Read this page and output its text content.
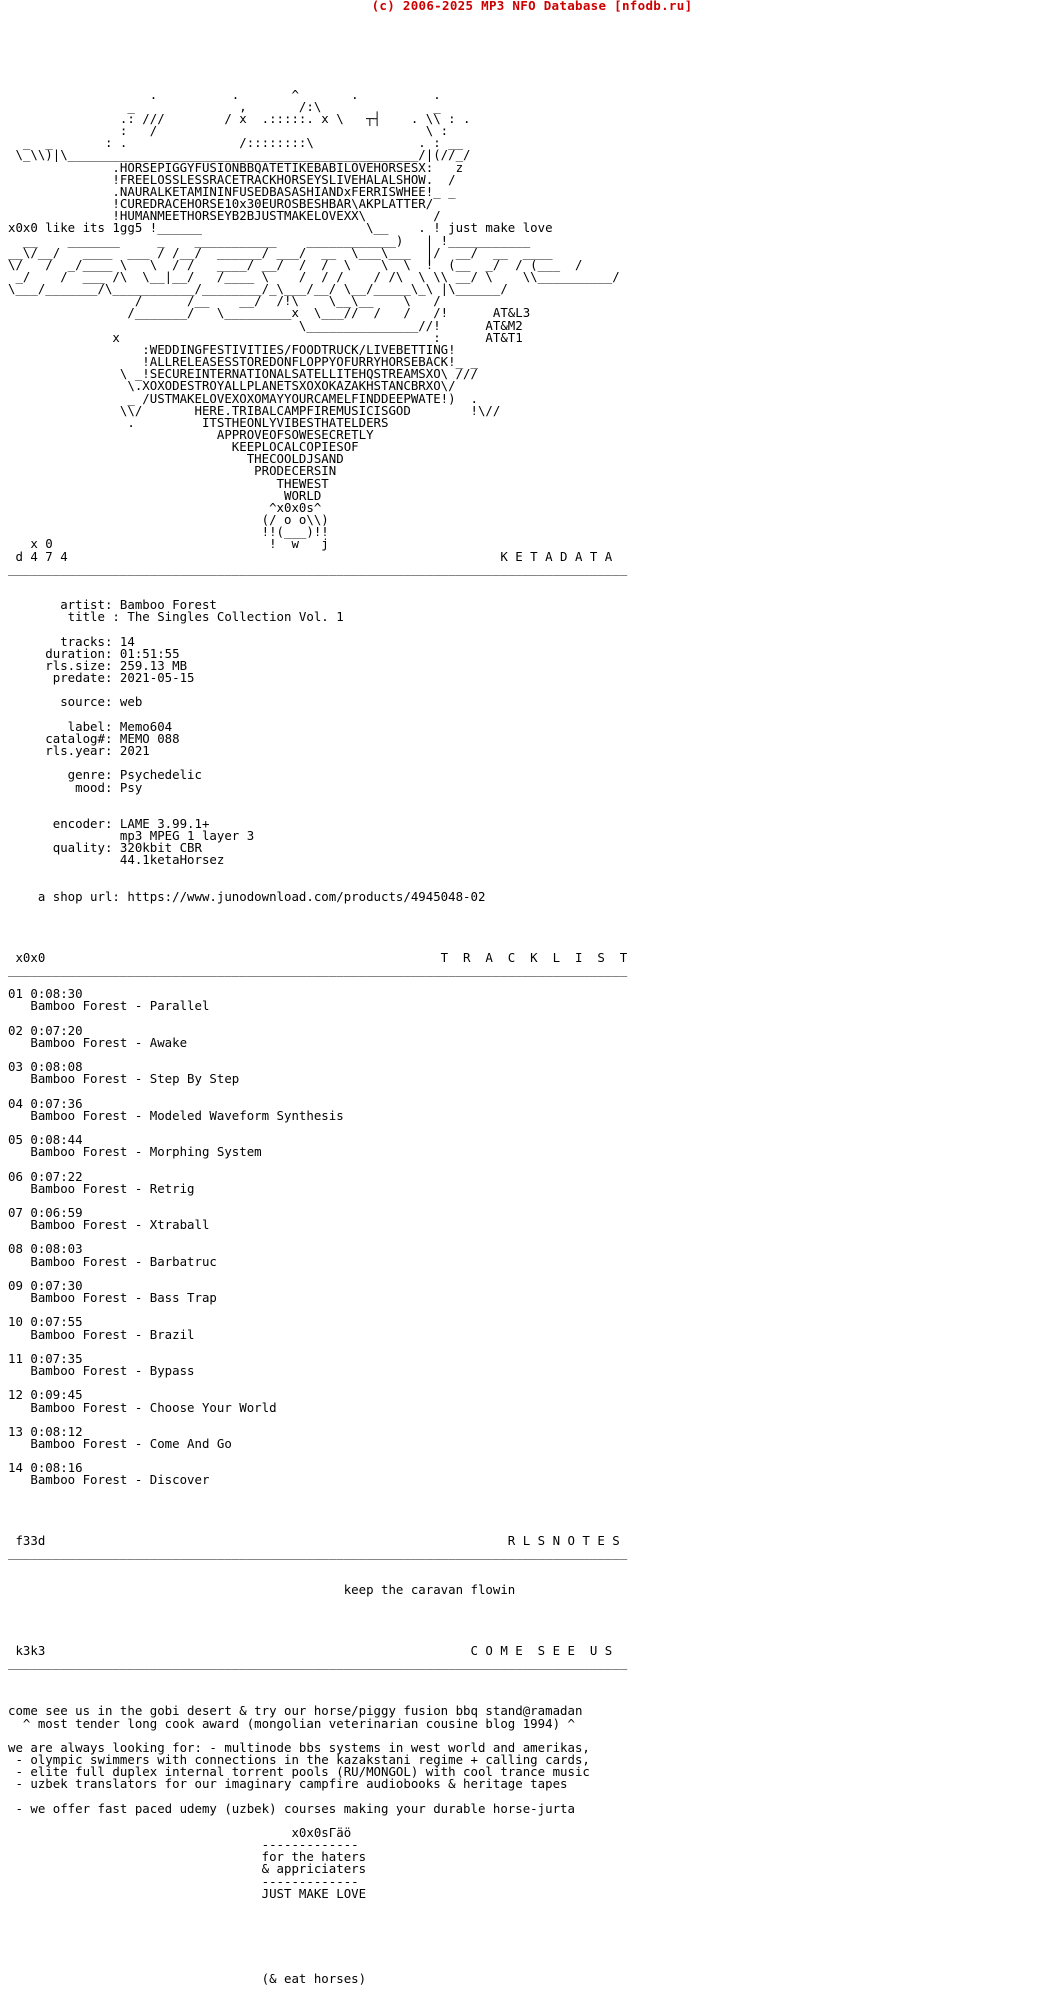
(c) 2006-2025 MP3 NFO Database [nfodb.ru]

.          .       ^       .          .
_              ,       /:\               _
.: ///        / x  .:::::. x \   ┬┤    . \\ : .
:   /                                    \ :
_  _       : .               /::::::::\              . : __
\_\\)|\_______________________________________________/|(//_/
.HORSEPIGGYFUSIONBBQATETIKEBABILOVEHORSESX:   z
!FREELOSSLESSRACETRACKHORSEYSLIVEHALALSHOW.  /
.NAURALKETAMININFUSEDBASASHIANDxFERRISWHEE!_ _
!CUREDRACEHORSE10x30EUROSBESHBAR\AKPLATTER/
!HUMANMEETHORSEYB2BJUSTMAKELOVEXX\         /
x0x0 like its 1gg5 !______                      \__    . ! just make love
__    _______     _    ___________    ____________)   | !___________
__\/__/   ____  ___ / /__/  ______/ ___/  __  \___\___  |/  __/  __  ____
\/   /  _/____ \   \  / /   ____/ __/  /  /  \    \  \  !  (__  _/  / (___  /
_/    /  ___ /\  \__|__/   /____ \    /  / /    / /\  \ \\ __/ \    \\__________/
\___/_______/\___________/________/_\___/__/ \__/_____\_\ |\______/
/      /__    __/  /!\    \__\__    \   /
/_______/   \_________x  \___//  /   /   /!      AT&L3
\_______________//!      AT&M2
x                                          :      AT&T1
:WEDDINGFESTIVITIES/FOODTRUCK/LIVEBETTING!
!ALLRELEASESSTOREDONFLOPPYOFURRYHORSEBACK!_ _
\ _!SECUREINTERNATIONALSATELLITEHQSTREAMSXO\ ///
\.XOXODESTROYALLPLANETSXOXOKAZAKHSTANCBRXO\/
_ /USTMAKELOVEXOXOMAYYOURCAMELFINDDEEPWATE!)  .
\\/       HERE.TRIBALCAMPFIREMUSICISGOD        !\//
.         ITSTHEONLYVIBESTHATELDERS
APPROVEOFSOWESECRETLY
KEEPLOCALCOPIESOF
THECOOLDJSAND
PRODECERSIN
THEWEST
WORLD
^x0x0s^
(/ o o\\)
!!(___)!!
x 0                             !  w   j
d 4 7 4                                                          K E T A D A T A
___________________________________________________________________________________

artist: Bamboo Forest
title : The Singles Collection Vol. 1

tracks: 14
duration: 01:51:55
rls.size: 259.13 MB
predate: 2021-05-15

source: web

label: Memo604
catalog#: MEMO 088
rls.year: 2021

genre: Psychedelic
mood: Psy

encoder: LAME 3.99.1+
mp3 MPEG 1 layer 3
quality: 320kbit CBR
44.1ketaHorsez

a shop url: https://www.junodownload.com/products/4945048-02

x0x0                                                     T  R  A  C  K  L  I  S  T
___________________________________________________________________________________

01 0:08:30
Bamboo Forest - Parallel

02 0:07:20
Bamboo Forest - Awake

03 0:08:08
Bamboo Forest - Step By Step

04 0:07:36
Bamboo Forest - Modeled Waveform Synthesis

05 0:08:44
Bamboo Forest - Morphing System

06 0:07:22
Bamboo Forest - Retrig

07 0:06:59
Bamboo Forest - Xtraball

08 0:08:03
Bamboo Forest - Barbatruc

09 0:07:30
Bamboo Forest - Bass Trap

10 0:07:55
Bamboo Forest - Brazil

11 0:07:35
Bamboo Forest - Bypass

12 0:09:45
Bamboo Forest - Choose Your World

13 0:08:12
Bamboo Forest - Come And Go

14 0:08:16
Bamboo Forest - Discover

f33d                                                              R L S N O T E S
___________________________________________________________________________________

keep the caravan flowin

k3k3                                                         C O M E  S E E  U S
___________________________________________________________________________________

come see us in the gobi desert & try our horse/piggy fusion bbq stand@ramadan
^ most tender long cook award (mongolian veterinarian cousine blog 1994) ^

we are always looking for: - multinode bbs systems in west world and amerikas,
- olympic swimmers with connections in the kazakstani regime + calling cards,
- elite full duplex internal torrent pools (RU/MONGOL) with cool trance music
- uzbek translators for our imaginary campfire audiobooks & heritage tapes

- we offer fast paced udemy (uzbek) courses making your durable horse-jurta

x0x0sГäö
-------------
for the haters
& appriciaters
-------------
JUST MAKE LOVE

(& eat horses)
